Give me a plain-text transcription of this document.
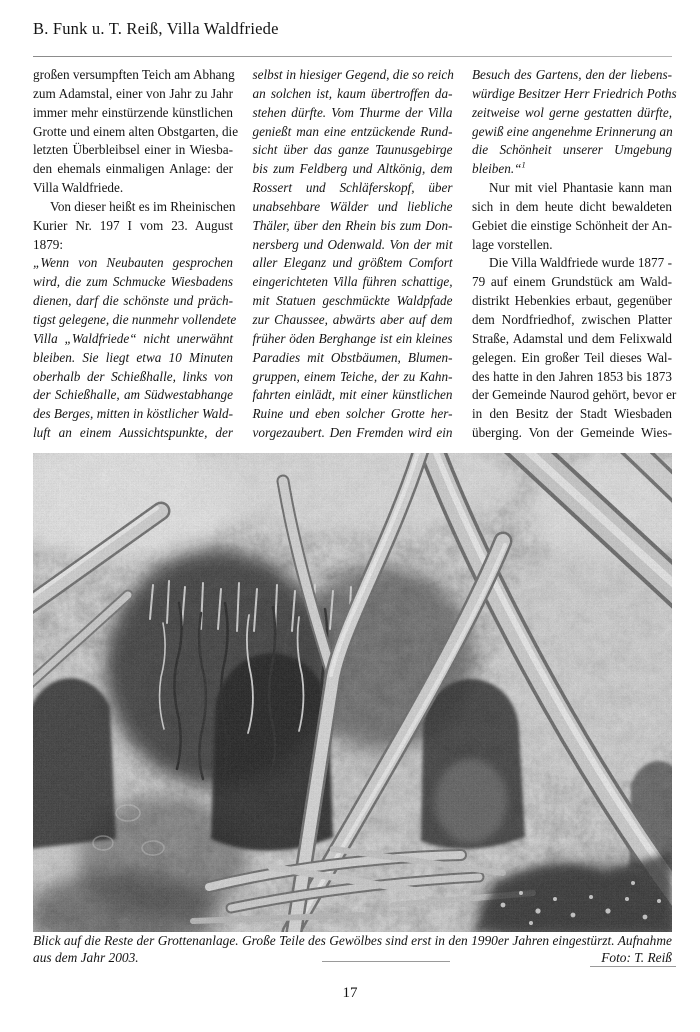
B. Funk u. T. Reiß, Villa Waldfriede
großen versumpften Teich am Abhang
zum Adamstal, einer von Jahr zu Jahr
immer mehr einstürzende künstlichen
Grotte und einem alten Obstgarten, die
letzten Überbleibsel einer in Wiesba-
den ehemals einmaligen Anlage: der
Villa Waldfriede.
Von dieser heißt es im Rheinischen
Kurier Nr. 197 I vom 23. August
1879:
„Wenn von Neubauten gesprochen
wird, die zum Schmucke Wiesbadens
dienen, darf die schönste und präch-
tigst gelegene, die nunmehr vollendete
Villa „Waldfriede“ nicht unerwähnt
bleiben. Sie liegt etwa 10 Minuten
oberhalb der Schießhalle, links von
der Schießhalle, am Südwestabhange
des Berges, mitten in köstlicher Wald-
luft an einem Aussichtspunkte, der
selbst in hiesiger Gegend, die so reich
an solchen ist, kaum übertroffen da-
stehen dürfte. Vom Thurme der Villa
genießt man eine entzückende Rund-
sicht über das ganze Taunusgebirge
bis zum Feldberg und Altkönig, dem
Rossert und Schläferskopf, über
unabsehbare Wälder und liebliche
Thäler, über den Rhein bis zum Don-
nersberg und Odenwald. Von der mit
aller Eleganz und größtem Comfort
eingerichteten Villa führen schattige,
mit Statuen geschmückte Waldpfade
zur Chaussee, abwärts aber auf dem
früher öden Berghange ist ein kleines
Paradies mit Obstbäumen, Blumen-
gruppen, einem Teiche, der zu Kahn-
fahrten einlädt, mit einer künstlichen
Ruine und eben solcher Grotte her-
vorgezaubert. Den Fremden wird ein
Besuch des Gartens, den der liebens-
würdige Besitzer Herr Friedrich Poths
zeitweise wol gerne gestatten dürfte,
gewiß eine angenehme Erinnerung an
die Schönheit unserer Umgebung
bleiben.“$^1$
Nur mit viel Phantasie kann man
sich in dem heute dicht bewaldeten
Gebiet die einstige Schönheit der An-
lage vorstellen.
Die Villa Waldfriede wurde 1877 -
79 auf einem Grundstück am Wald-
distrikt Hebenkies erbaut, gegenüber
dem Nordfriedhof, zwischen Platter
Straße, Adamstal und dem Felixwald
gelegen. Ein großer Teil dieses Wal-
des hatte in den Jahren 1853 bis 1873
der Gemeinde Naurod gehört, bevor er
in den Besitz der Stadt Wiesbaden
überging. Von der Gemeinde Wies-
Blick auf die Reste der Grottenanlage. Große Teile des Gewölbes sind erst in den 1990er Jahren eingestürzt. Aufnahme
aus dem Jahr 2003.	Foto: T. Reiß
17
